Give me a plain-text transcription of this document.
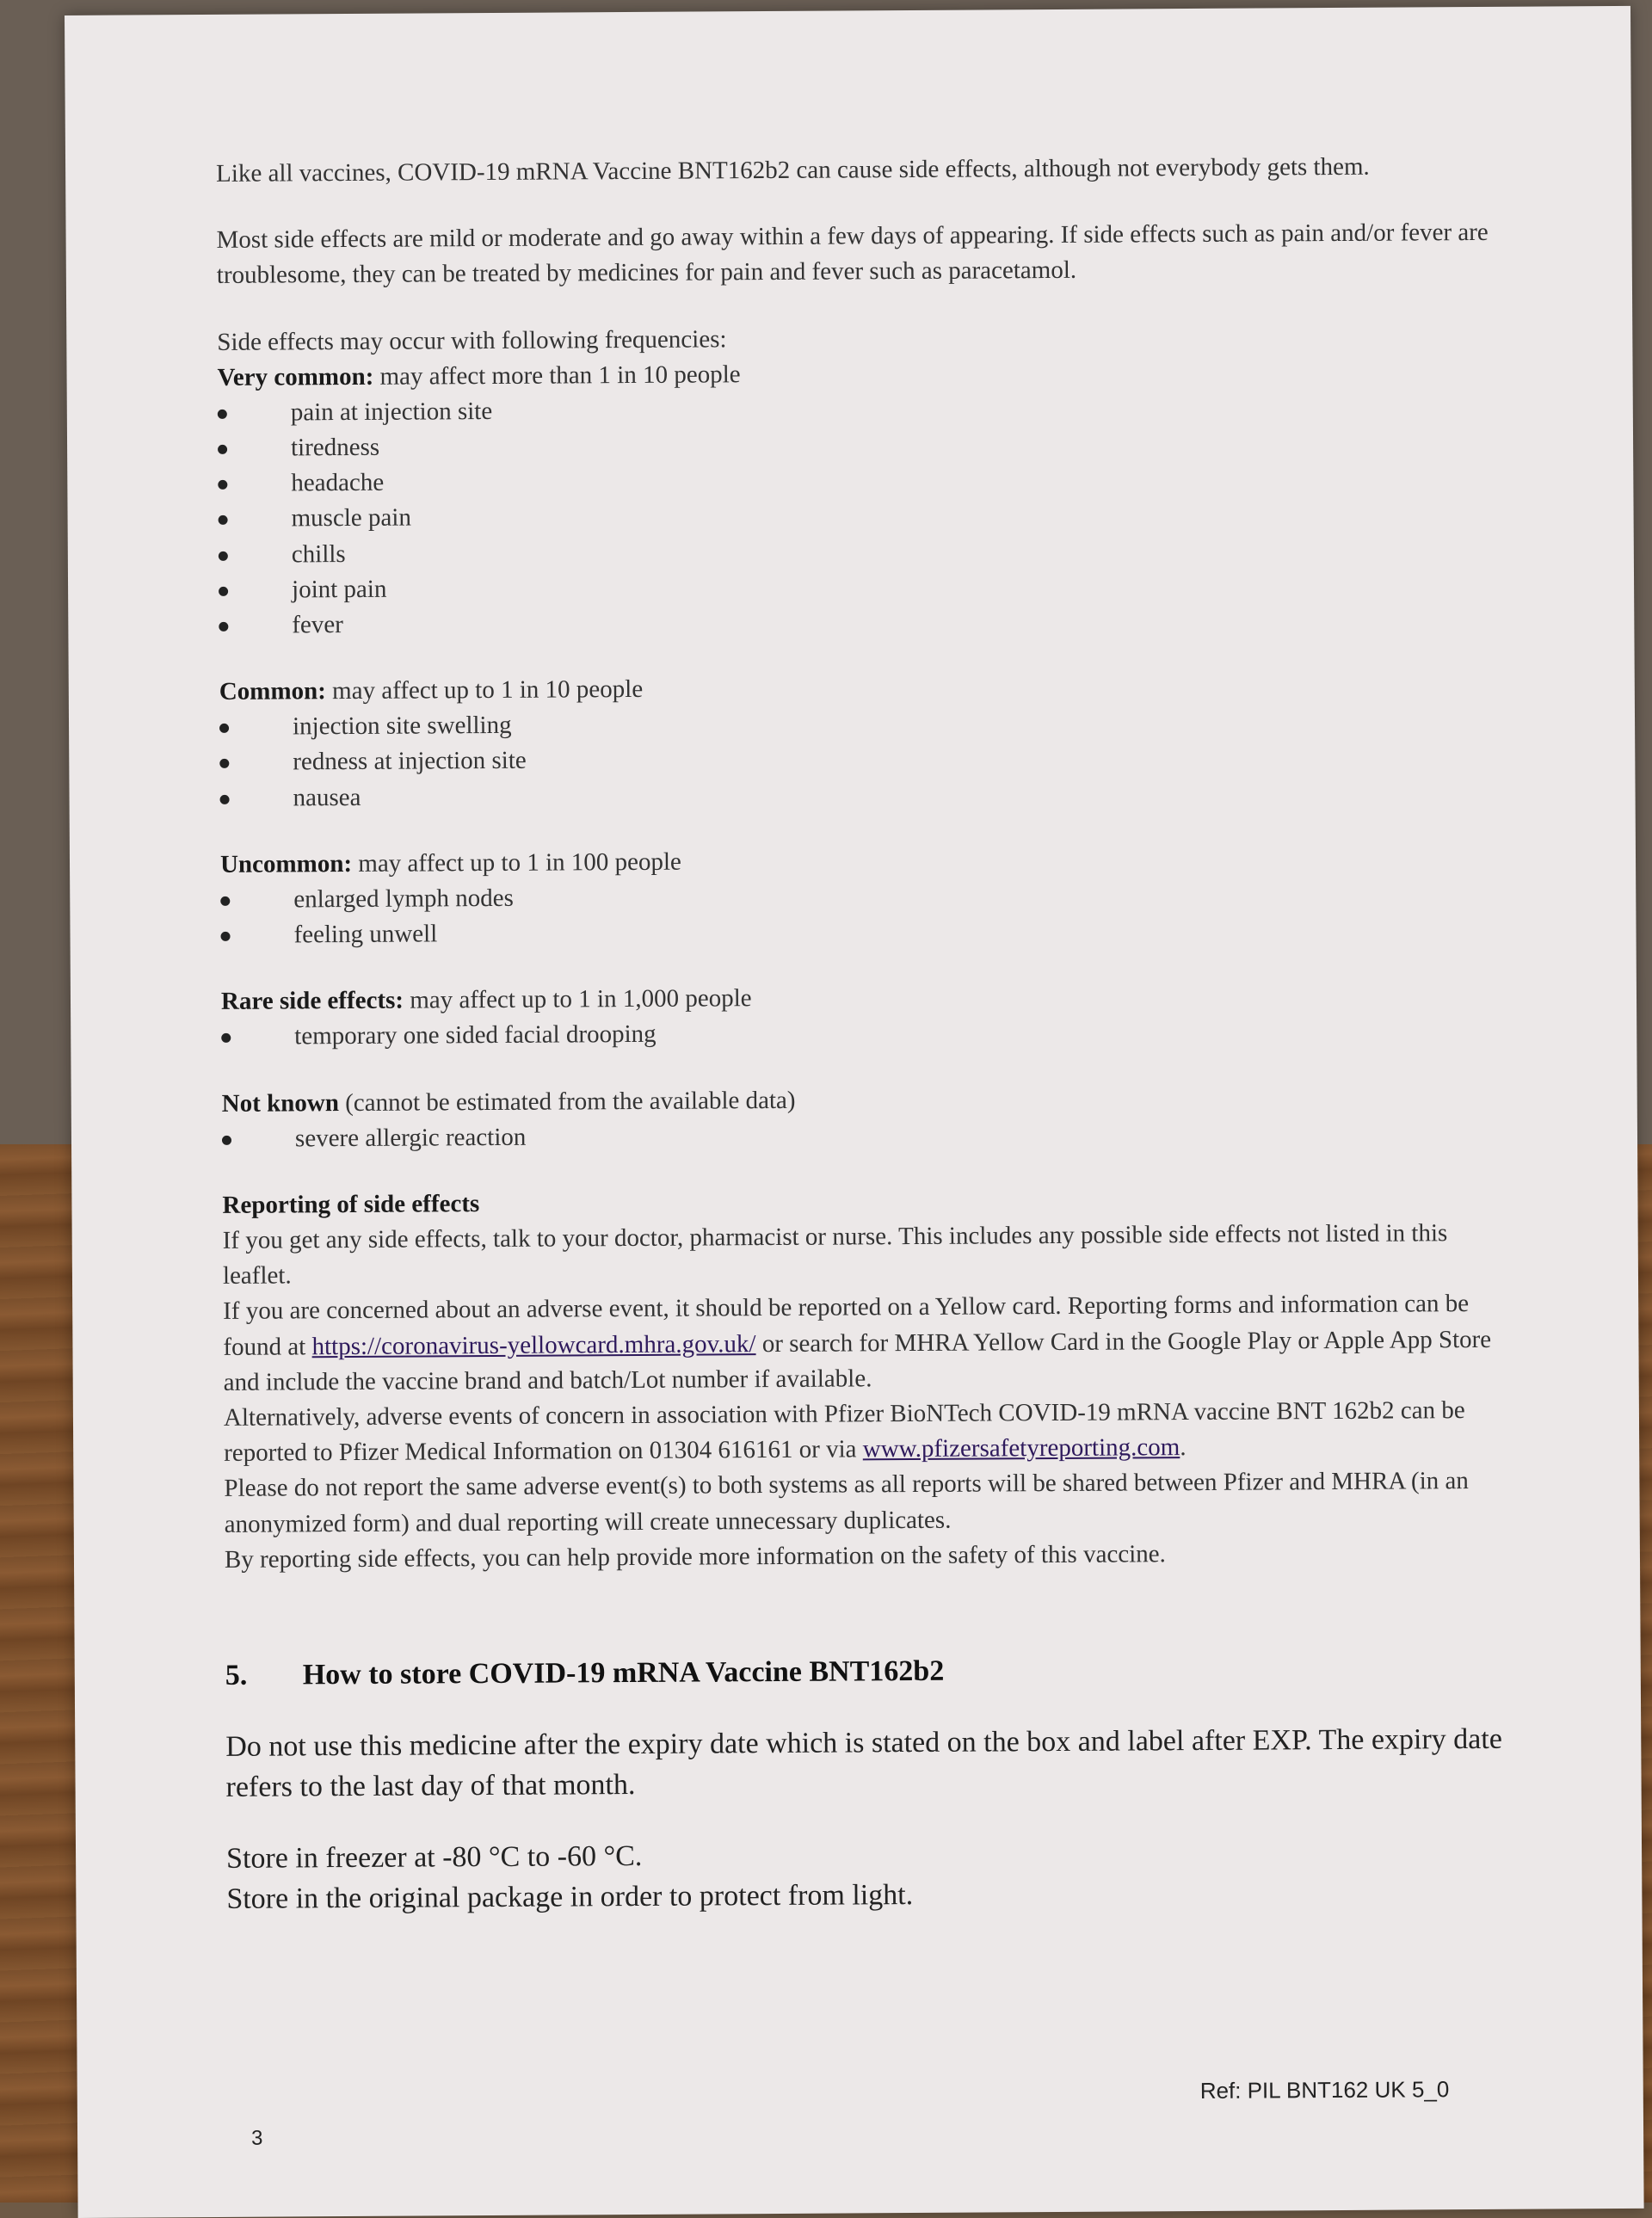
Like all vaccines, COVID-19 mRNA Vaccine BNT162b2 can cause side effects, although not everybody gets them.

Most side effects are mild or moderate and go away within a few days of appearing. If side effects such as pain and/or fever are troublesome, they can be treated by medicines for pain and fever such as paracetamol.

Side effects may occur with following frequencies:

Very common: may affect more than 1 in 10 people

pain at injection site
tiredness
headache
muscle pain
chills
joint pain
fever

Common: may affect up to 1 in 10 people

injection site swelling
redness at injection site
nausea

Uncommon: may affect up to 1 in 100 people

enlarged lymph nodes
feeling unwell

Rare side effects: may affect up to 1 in 1,000 people

temporary one sided facial drooping

Not known (cannot be estimated from the available data)

severe allergic reaction

Reporting of side effects

If you get any side effects, talk to your doctor, pharmacist or nurse. This includes any possible side effects not listed in this leaflet.

If you are concerned about an adverse event, it should be reported on a Yellow card. Reporting forms and information can be found at https://coronavirus-yellowcard.mhra.gov.uk/ or search for MHRA Yellow Card in the Google Play or Apple App Store and include the vaccine brand and batch/Lot number if available.

Alternatively, adverse events of concern in association with Pfizer BioNTech COVID-19 mRNA vaccine BNT 162b2 can be reported to Pfizer Medical Information on 01304 616161 or via www.pfizersafetyreporting.com.

Please do not report the same adverse event(s) to both systems as all reports will be shared between Pfizer and MHRA (in an anonymized form) and dual reporting will create unnecessary duplicates.

By reporting side effects, you can help provide more information on the safety of this vaccine.

5. How to store COVID-19 mRNA Vaccine BNT162b2

Do not use this medicine after the expiry date which is stated on the box and label after EXP. The expiry date refers to the last day of that month.

Store in freezer at -80 °C to -60 °C.

Store in the original package in order to protect from light.

Ref: PIL BNT162 UK 5_0
3
